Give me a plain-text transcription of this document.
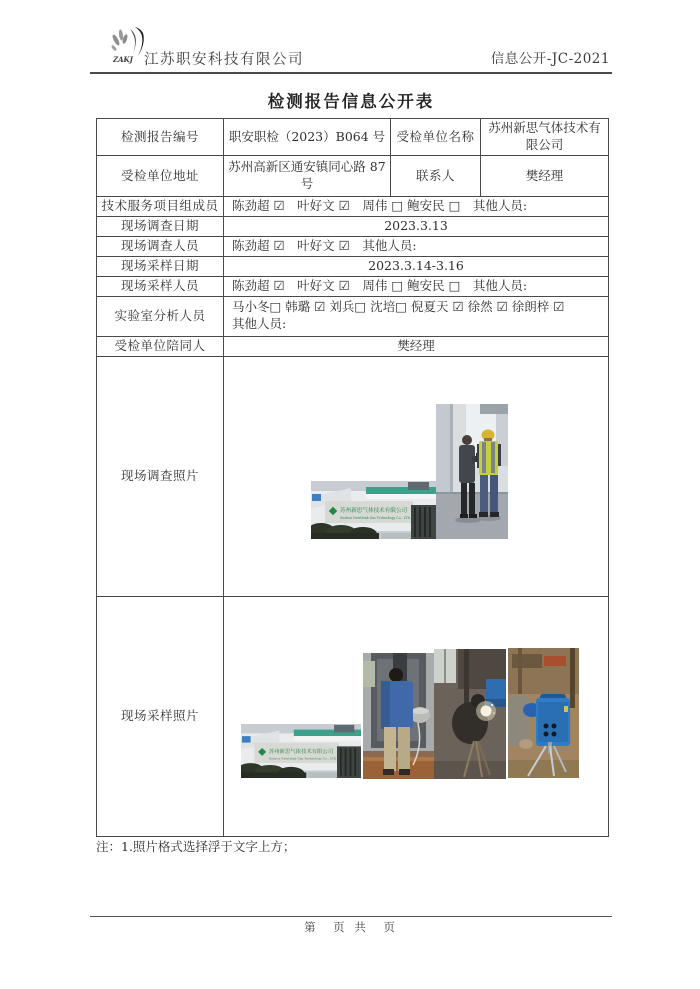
ZAKJ 江苏职安科技有限公司	信息公开-JC-2021
检测报告信息公开表
检测报告编号	职安职检（2023）B064 号	受检单位名称	苏州新思气体技术有限公司
受检单位地址	苏州高新区通安镇同心路 87 号	联系人	樊经理
技术服务项目组成员	陈劲超 ☑　叶好文 ☑　周伟 □ 鲍安民 □　其他人员:		
现场调查日期	2023.3.13		
现场调查人员	陈劲超 ☑　叶好文 ☑　其他人员:		
现场采样日期	2023.3.14-3.16		
现场采样人员	陈劲超 ☑　叶好文 ☑　周伟 □ 鲍安民 □　其他人员:		
实验室分析人员	马小冬□ 韩璐 ☑ 刘兵□ 沈培□ 倪夏天 ☑ 徐然 ☑ 徐朗梓 ☑
其他人员:		

受检单位陪同人	樊经理		
现场调查照片	苏州新思气体技术有限公司
Suzhou Newthink Gas Technology Co., LTD.		

现场采样照片	苏州新思气体技术有限公司
Suzhou Newthink Gas Technology Co., LTD.		
注：1.照片格式选择浮于文字上方；
第　页 共　页
